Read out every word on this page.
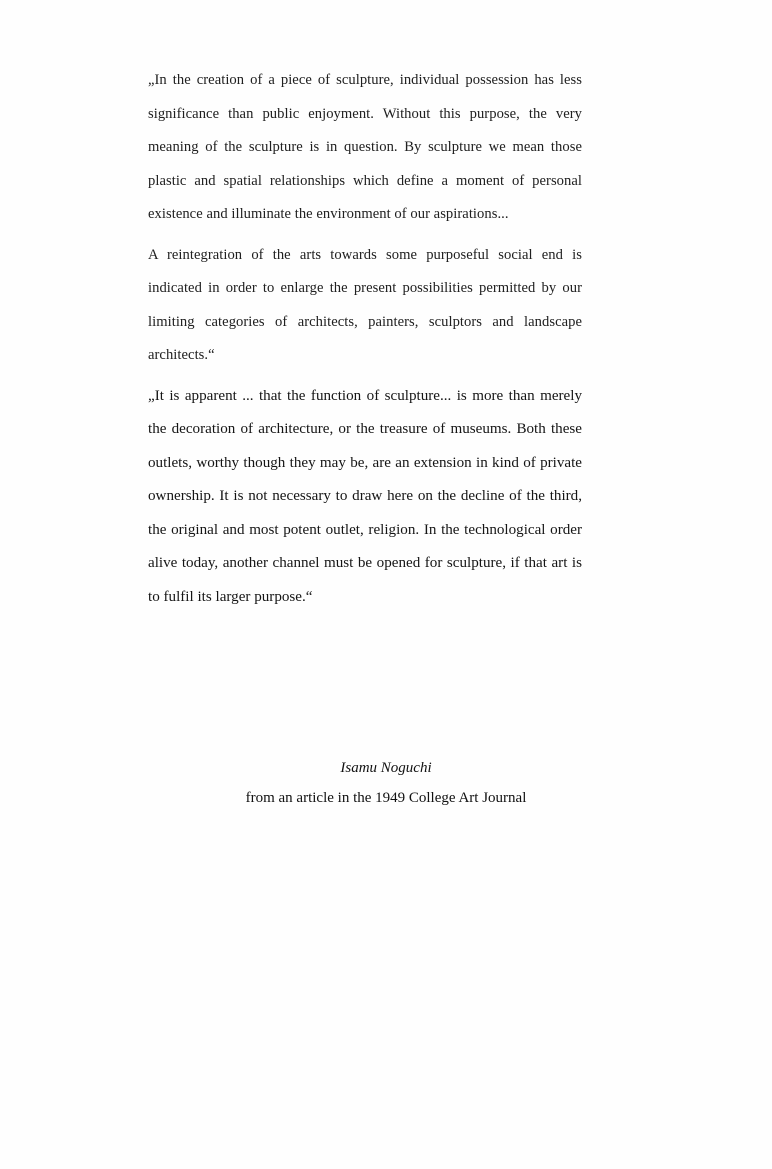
„In the creation of a piece of sculpture, individual possession has less significance than public enjoyment. Without this purpose, the very meaning of the sculpture is in question. By sculpture we mean those plastic and spatial relationships which define a moment of personal existence and illuminate the environment of our aspirations...

A reintegration of the arts towards some purposeful social end is indicated in order to enlarge the present possibilities permitted by our limiting categories of architects, painters, sculptors and landscape architects.“

„It is apparent ... that the function of sculpture... is more than merely the decoration of architecture, or the treasure of museums. Both these outlets, worthy though they may be, are an extension in kind of private ownership. It is not necessary to draw here on the decline of the third, the original and most potent outlet, religion. In the technological order alive today, another channel must be opened for sculpture, if that art is to fulfil its larger purpose.“

Isamu Noguchi
from an article in the 1949 College Art Journal
